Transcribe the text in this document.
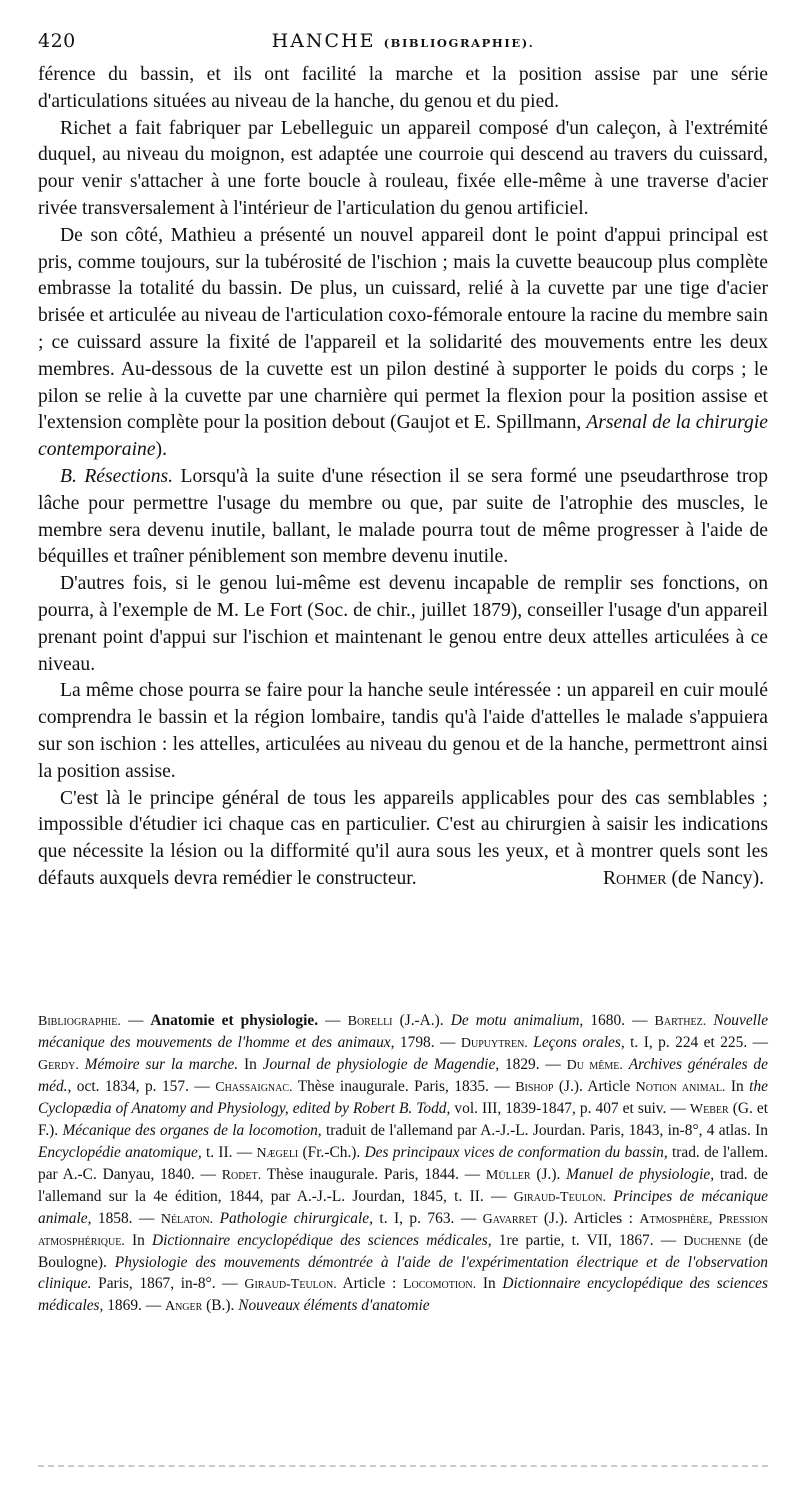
420	HANCHE (BIBLIOGRAPHIE).

férence du bassin, et ils ont facilité la marche et la position assise par une série d'articulations situées au niveau de la hanche, du genou et du pied.

Richet a fait fabriquer par Lebelleguic un appareil composé d'un caleçon, à l'extrémité duquel, au niveau du moignon, est adaptée une courroie qui descend au travers du cuissard, pour venir s'attacher à une forte boucle à rouleau, fixée elle-même à une traverse d'acier rivée transversalement à l'intérieur de l'articulation du genou artificiel.

De son côté, Mathieu a présenté un nouvel appareil dont le point d'appui principal est pris, comme toujours, sur la tubérosité de l'ischion ; mais la cuvette beaucoup plus complète embrasse la totalité du bassin. De plus, un cuissard, relié à la cuvette par une tige d'acier brisée et articulée au niveau de l'articulation coxo-fémorale entoure la racine du membre sain ; ce cuissard assure la fixité de l'appareil et la solidarité des mouvements entre les deux membres. Au-dessous de la cuvette est un pilon destiné à supporter le poids du corps ; le pilon se relie à la cuvette par une charnière qui permet la flexion pour la position assise et l'extension complète pour la position debout (Gaujot et E. Spillmann, Arsenal de la chirurgie contemporaine).

B. Résections. Lorsqu'à la suite d'une résection il se sera formé une pseudarthrose trop lâche pour permettre l'usage du membre ou que, par suite de l'atrophie des muscles, le membre sera devenu inutile, ballant, le malade pourra tout de même progresser à l'aide de béquilles et traîner péniblement son membre devenu inutile.

D'autres fois, si le genou lui-même est devenu incapable de remplir ses fonctions, on pourra, à l'exemple de M. Le Fort (Soc. de chir., juillet 1879), conseiller l'usage d'un appareil prenant point d'appui sur l'ischion et maintenant le genou entre deux attelles articulées à ce niveau.

La même chose pourra se faire pour la hanche seule intéressée : un appareil en cuir moulé comprendra le bassin et la région lombaire, tandis qu'à l'aide d'attelles le malade s'appuiera sur son ischion : les attelles, articulées au niveau du genou et de la hanche, permettront ainsi la position assise.

C'est là le principe général de tous les appareils applicables pour des cas semblables ; impossible d'étudier ici chaque cas en particulier. C'est au chirurgien à saisir les indications que nécessite la lésion ou la difformité qu'il aura sous les yeux, et à montrer quels sont les défauts auxquels devra remédier le constructeur.	Rohmer (de Nancy).
Bibliographie. — Anatomie et physiologie. — Borelli (J.-A.). De motu animalium, 1680. — Barthez. Nouvelle mécanique des mouvements de l'homme et des animaux, 1798. — Dupuytren. Leçons orales, t. I, p. 224 et 225. — Gerdy. Mémoire sur la marche. In Journal de physiologie de Magendie, 1829. — Du même. Archives générales de méd., oct. 1834, p. 157. — Chassaignac. Thèse inaugurale. Paris, 1835. — Bishop (J.). Article Notion animal. In the Cyclopædia of Anatomy and Physiology, edited by Robert B. Todd, vol. III, 1839-1847, p. 407 et suiv. — Weber (G. et F.). Mécanique des organes de la locomotion, traduit de l'allemand par A.-J.-L. Jourdan. Paris, 1843, in-8°, 4 atlas. In Encyclopédie anatomique, t. II. — Nægeli (Fr.-Ch.). Des principaux vices de conformation du bassin, trad. de l'allem. par A.-C. Danyau, 1840. — Rodet. Thèse inaugurale. Paris, 1844. — Müller (J.). Manuel de physiologie, trad. de l'allemand sur la 4e édition, 1844, par A.-J.-L. Jourdan, 1845, t. II. — Giraud-Teulon. Principes de mécanique animale, 1858. — Nélaton. Pathologie chirurgicale, t. I, p. 763. — Gavarret (J.). Articles : Atmosphère, Pression atmosphérique. In Dictionnaire encyclopédique des sciences médicales, 1re partie, t. VII, 1867. — Duchenne (de Boulogne). Physiologie des mouvements démontrée à l'aide de l'expérimentation électrique et de l'observation clinique. Paris, 1867, in-8°. — Giraud-Teulon. Article : Locomotion. In Dictionnaire encyclopédique des sciences médicales, 1869. — Anger (B.). Nouveaux éléments d'anatomie
